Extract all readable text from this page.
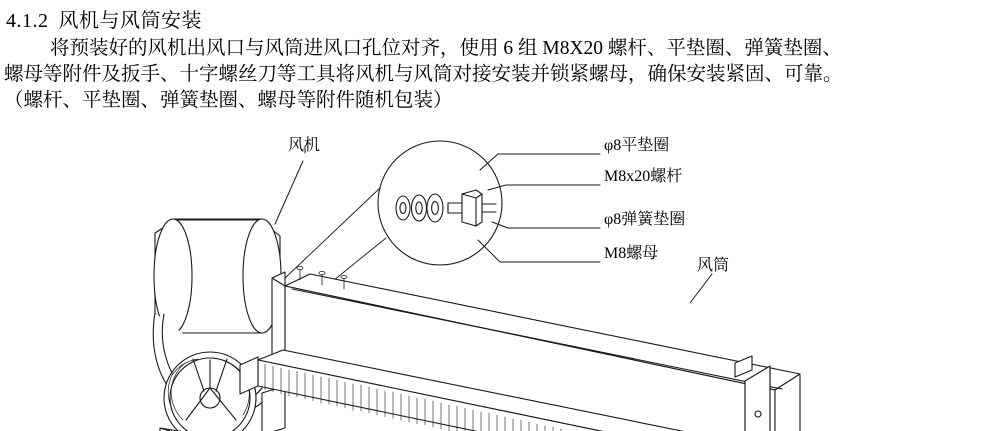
4.1.2 风机与风筒安装

将预装好的风机出风口与风筒进风口孔位对齐，使用 6 组 M8X20 螺杆、平垫圈、弹簧垫圈、

螺母等附件及扳手、十字螺丝刀等工具将风机与风筒对接安装并锁紧螺母，确保安装紧固、可靠。

（螺杆、平垫圈、弹簧垫圈、螺母等附件随机包装）

风机
风筒
φ8平垫圈
M8x20螺杆
φ8弹簧垫圈
M8螺母
